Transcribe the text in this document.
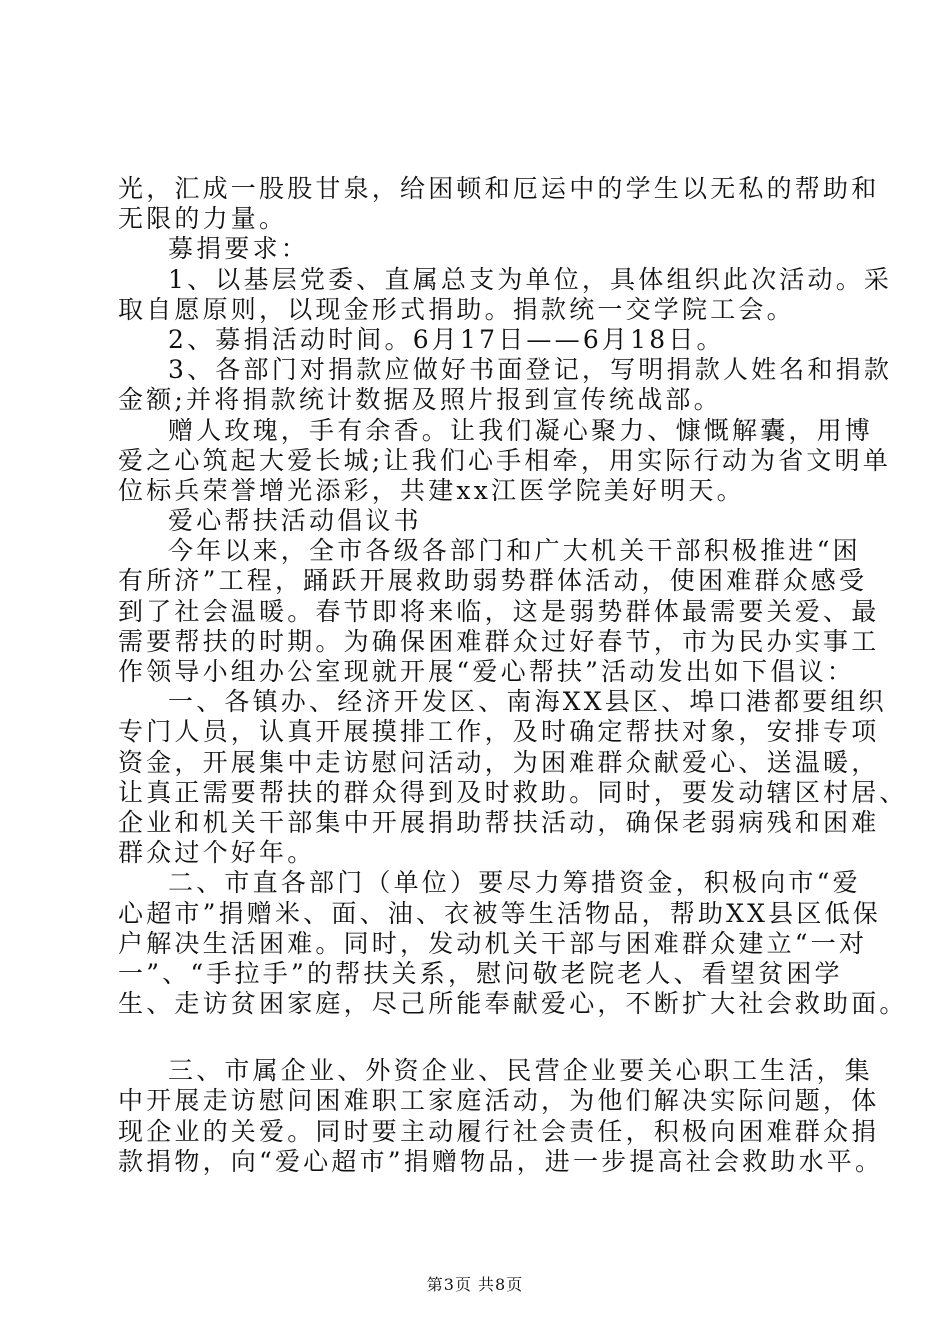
光，汇成一股股甘泉，给困顿和厄运中的学生以无私的帮助和
无限的力量。
募捐要求：
1、以基层党委、直属总支为单位，具体组织此次活动。采
取自愿原则，以现金形式捐助。捐款统一交学院工会。
2、募捐活动时间。6月17日——6月18日。
3、各部门对捐款应做好书面登记，写明捐款人姓名和捐款
金额;并将捐款统计数据及照片报到宣传统战部。
赠人玫瑰，手有余香。让我们凝心聚力、慷慨解囊，用博
爱之心筑起大爱长城;让我们心手相牵，用实际行动为省文明单
位标兵荣誉增光添彩，共建xx江医学院美好明天。
爱心帮扶活动倡议书
今年以来，全市各级各部门和广大机关干部积极推进“困
有所济”工程，踊跃开展救助弱势群体活动，使困难群众感受
到了社会温暖。春节即将来临，这是弱势群体最需要关爱、最
需要帮扶的时期。为确保困难群众过好春节，市为民办实事工
作领导小组办公室现就开展“爱心帮扶”活动发出如下倡议：
一、各镇办、经济开发区、南海XX县区、埠口港都要组织
专门人员，认真开展摸排工作，及时确定帮扶对象，安排专项
资金，开展集中走访慰问活动，为困难群众献爱心、送温暖，
让真正需要帮扶的群众得到及时救助。同时，要发动辖区村居、
企业和机关干部集中开展捐助帮扶活动，确保老弱病残和困难
群众过个好年。
二、市直各部门（单位）要尽力筹措资金，积极向市“爱
心超市”捐赠米、面、油、衣被等生活物品，帮助XX县区低保
户解决生活困难。同时，发动机关干部与困难群众建立“一对
一”、“手拉手”的帮扶关系，慰问敬老院老人、看望贫困学
生、走访贫困家庭，尽己所能奉献爱心，不断扩大社会救助面。
三、市属企业、外资企业、民营企业要关心职工生活，集
中开展走访慰问困难职工家庭活动，为他们解决实际问题，体
现企业的关爱。同时要主动履行社会责任，积极向困难群众捐
款捐物，向“爱心超市”捐赠物品，进一步提高社会救助水平。
第3页 共8页
